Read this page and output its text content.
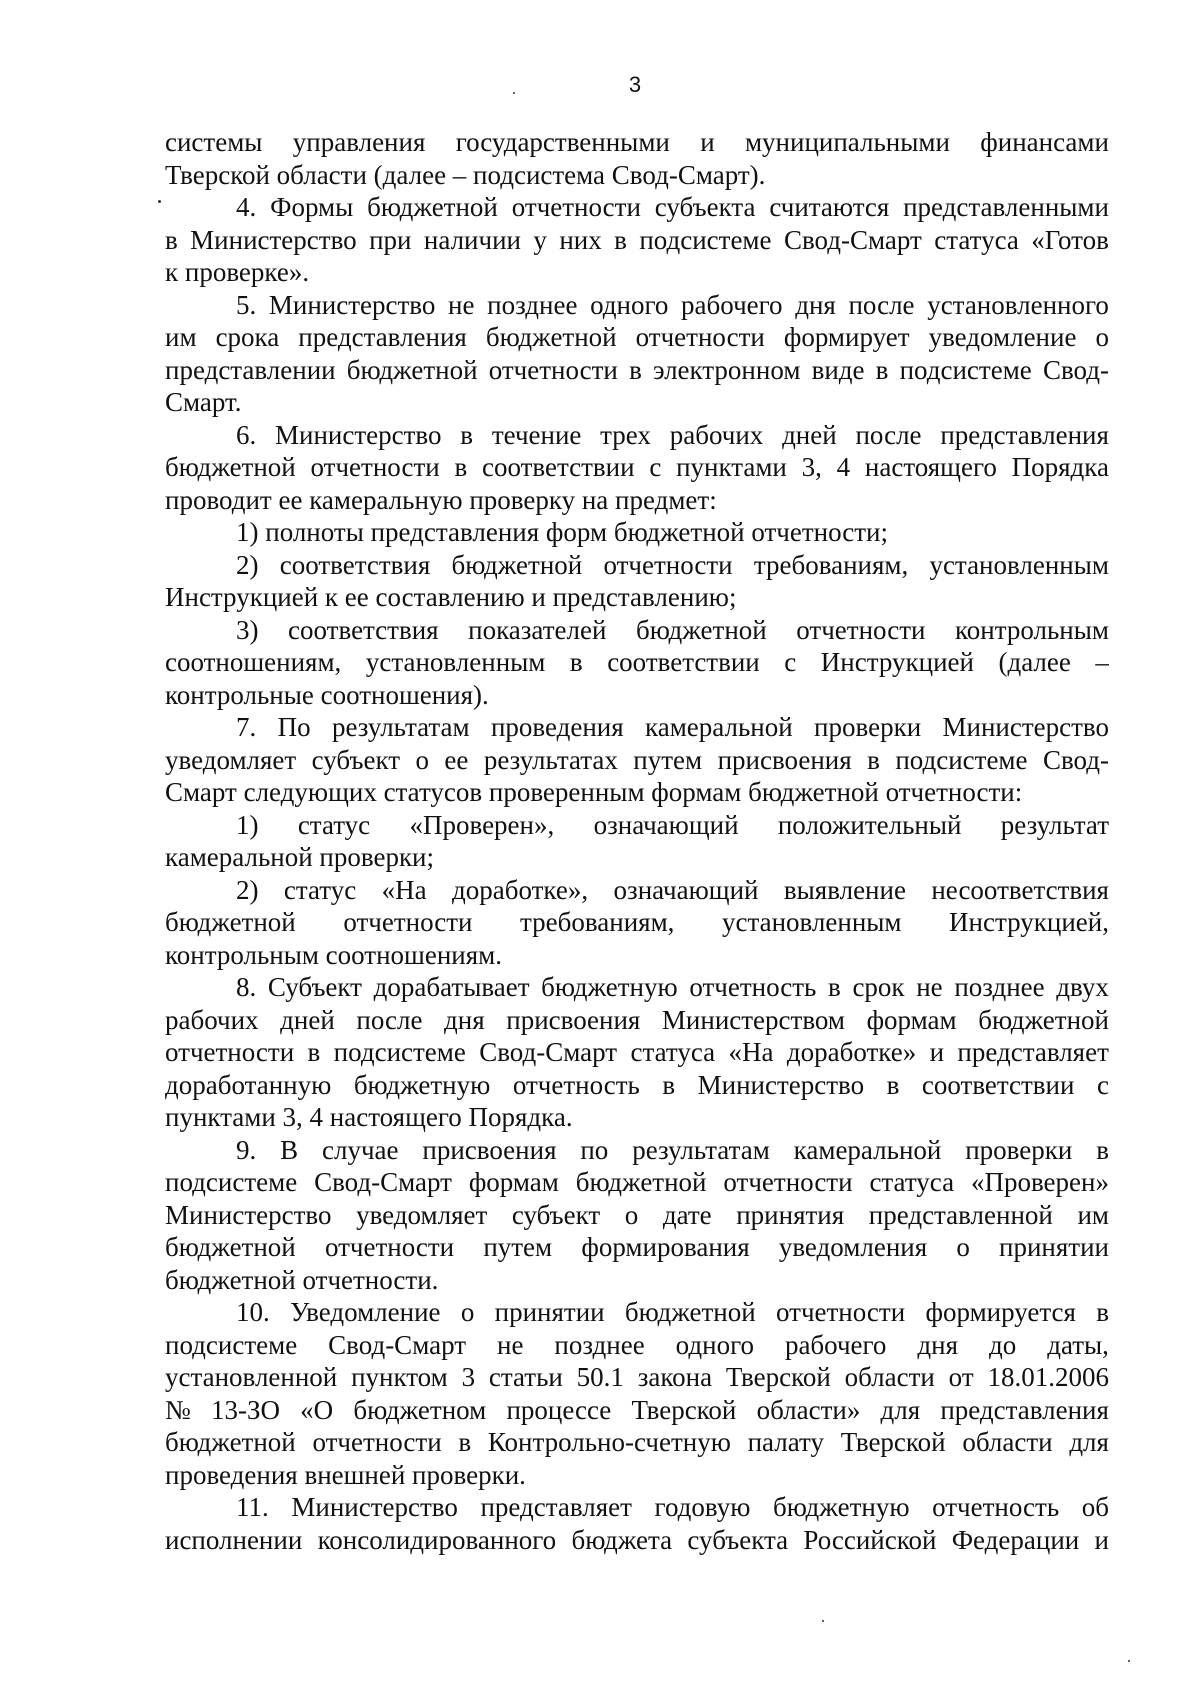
3
системы управления государственными и муниципальными финансами
Тверской области (далее – подсистема Свод-Смарт).
4. Формы бюджетной отчетности субъекта считаются представленными
в Министерство при наличии у них в подсистеме Свод-Смарт статуса «Готов
к проверке».
5. Министерство не позднее одного рабочего дня после установленного
им срока представления бюджетной отчетности формирует уведомление о
представлении бюджетной отчетности в электронном виде в подсистеме Свод-
Смарт.
6. Министерство в течение трех рабочих дней после представления
бюджетной отчетности в соответствии с пунктами 3, 4 настоящего Порядка
проводит ее камеральную проверку на предмет:
1) полноты представления форм бюджетной отчетности;
2) соответствия бюджетной отчетности требованиям, установленным
Инструкцией к ее составлению и представлению;
3) соответствия показателей бюджетной отчетности контрольным
соотношениям, установленным в соответствии с Инструкцией (далее –
контрольные соотношения).
7. По результатам проведения камеральной проверки Министерство
уведомляет субъект о ее результатах путем присвоения в подсистеме Свод-
Смарт следующих статусов проверенным формам бюджетной отчетности:
1) статус «Проверен», означающий положительный результат
камеральной проверки;
2) статус «На доработке», означающий выявление несоответствия
бюджетной отчетности требованиям, установленным Инструкцией,
контрольным соотношениям.
8. Субъект дорабатывает бюджетную отчетность в срок не позднее двух
рабочих дней после дня присвоения Министерством формам бюджетной
отчетности в подсистеме Свод-Смарт статуса «На доработке» и представляет
доработанную бюджетную отчетность в Министерство в соответствии с
пунктами 3, 4 настоящего Порядка.
9. В случае присвоения по результатам камеральной проверки в
подсистеме Свод-Смарт формам бюджетной отчетности статуса «Проверен»
Министерство уведомляет субъект о дате принятия представленной им
бюджетной отчетности путем формирования уведомления о принятии
бюджетной отчетности.
10. Уведомление о принятии бюджетной отчетности формируется в
подсистеме Свод-Смарт не позднее одного рабочего дня до даты,
установленной пунктом 3 статьи 50.1 закона Тверской области от 18.01.2006
№ 13-ЗО «О бюджетном процессе Тверской области» для представления
бюджетной отчетности в Контрольно-счетную палату Тверской области для
проведения внешней проверки.
11. Министерство представляет годовую бюджетную отчетность об
исполнении консолидированного бюджета субъекта Российской Федерации и
